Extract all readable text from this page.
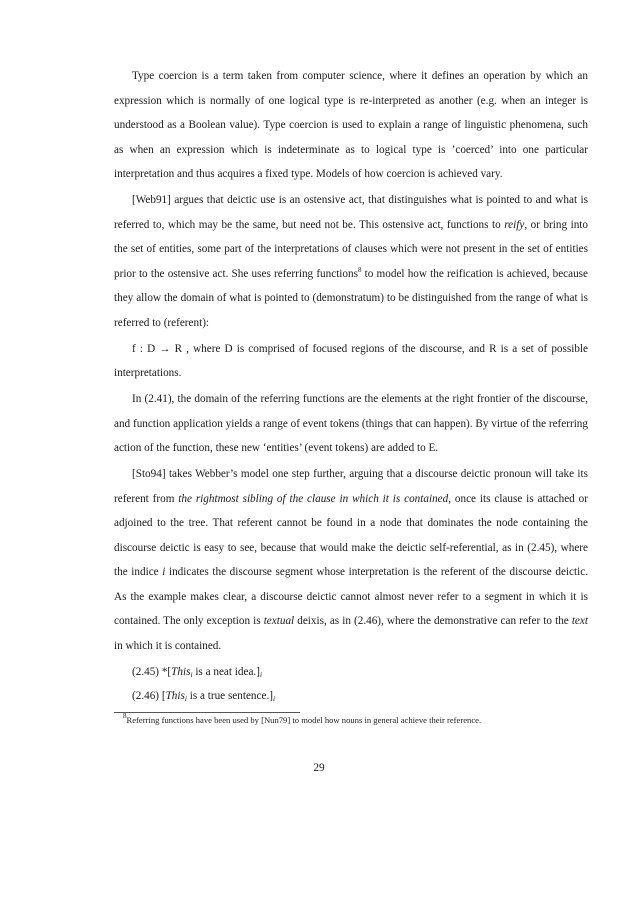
Type coercion is a term taken from computer science, where it defines an operation by which an expression which is normally of one logical type is re-interpreted as another (e.g. when an integer is understood as a Boolean value). Type coercion is used to explain a range of linguistic phenomena, such as when an expression which is indeterminate as to logical type is ’coerced’ into one particular interpretation and thus acquires a fixed type. Models of how coercion is achieved vary.

[Web91] argues that deictic use is an ostensive act, that distinguishes what is pointed to and what is referred to, which may be the same, but need not be. This ostensive act, functions to reify, or bring into the set of entities, some part of the interpretations of clauses which were not present in the set of entities prior to the ostensive act. She uses referring functions$^8$ to model how the reification is achieved, because they allow the domain of what is pointed to (demonstratum) to be distinguished from the range of what is referred to (referent):

f : D → R , where D is comprised of focused regions of the discourse, and R is a set of possible interpretations.

In (2.41), the domain of the referring functions are the elements at the right frontier of the discourse, and function application yields a range of event tokens (things that can happen). By virtue of the referring action of the function, these new ‘entities’ (event tokens) are added to E.

[Sto94] takes Webber’s model one step further, arguing that a discourse deictic pronoun will take its referent from the rightmost sibling of the clause in which it is contained, once its clause is attached or adjoined to the tree. That referent cannot be found in a node that dominates the node containing the discourse deictic is easy to see, because that would make the deictic self-referential, as in (2.45), where the indice i indicates the discourse segment whose interpretation is the referent of the discourse deictic. As the example makes clear, a discourse deictic cannot almost never refer to a segment in which it is contained. The only exception is textual deixis, as in (2.46), where the demonstrative can refer to the text in which it is contained.

(2.45) *[This$_i$ is a neat $idea.]_i$
(2.46) [This$_i$ is a true $sentence.]_i$
$^8$Referring functions have been used by [Nun79] to model how nouns in general achieve their reference.
29
